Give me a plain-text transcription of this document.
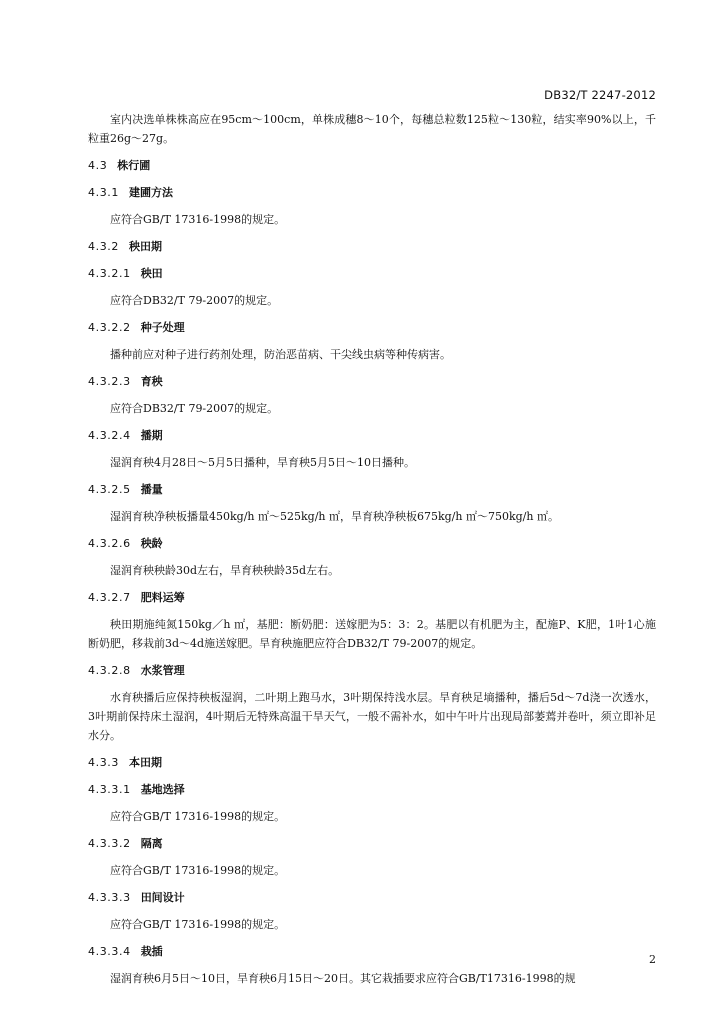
DB32/T 2247-2012

室内决选单株株高应在95cm～100cm，单株成穗8～10个，每穗总粒数125粒～130粒，结实率90%以上，千粒重26g～27g。

4.3 株行圃
4.3.1 建圃方法

应符合GB/T 17316-1998的规定。

4.3.2 秧田期
4.3.2.1 秧田

应符合DB32/T 79-2007的规定。

4.3.2.2 种子处理

播种前应对种子进行药剂处理，防治恶苗病、干尖线虫病等种传病害。

4.3.2.3 育秧

应符合DB32/T 79-2007的规定。

4.3.2.4 播期

湿润育秧4月28日～5月5日播种，旱育秧5月5日～10日播种。

4.3.2.5 播量

湿润育秧净秧板播量450kg/h ㎡～525kg/h ㎡，旱育秧净秧板675kg/h ㎡～750kg/h ㎡。

4.3.2.6 秧龄

湿润育秧秧龄30d左右，旱育秧秧龄35d左右。

4.3.2.7 肥料运筹

秧田期施纯氮150kg／h ㎡，基肥：断奶肥：送嫁肥为5：3：2。基肥以有机肥为主，配施P、K肥，1叶1心施断奶肥，移栽前3d～4d施送嫁肥。旱育秧施肥应符合DB32/T 79-2007的规定。

4.3.2.8 水浆管理

水育秧播后应保持秧板湿润，二叶期上跑马水，3叶期保持浅水层。旱育秧足墒播种，播后5d～7d浇一次透水，3叶期前保持床土湿润，4叶期后无特殊高温干旱天气，一般不需补水，如中午叶片出现局部萎蔫并卷叶，须立即补足水分。

4.3.3 本田期
4.3.3.1 基地选择

应符合GB/T 17316-1998的规定。

4.3.3.2 隔离

应符合GB/T 17316-1998的规定。

4.3.3.3 田间设计

应符合GB/T 17316-1998的规定。

4.3.3.4 栽插

湿润育秧6月5日～10日，旱育秧6月15日～20日。其它栽插要求应符合GB/T17316-1998的规

2
